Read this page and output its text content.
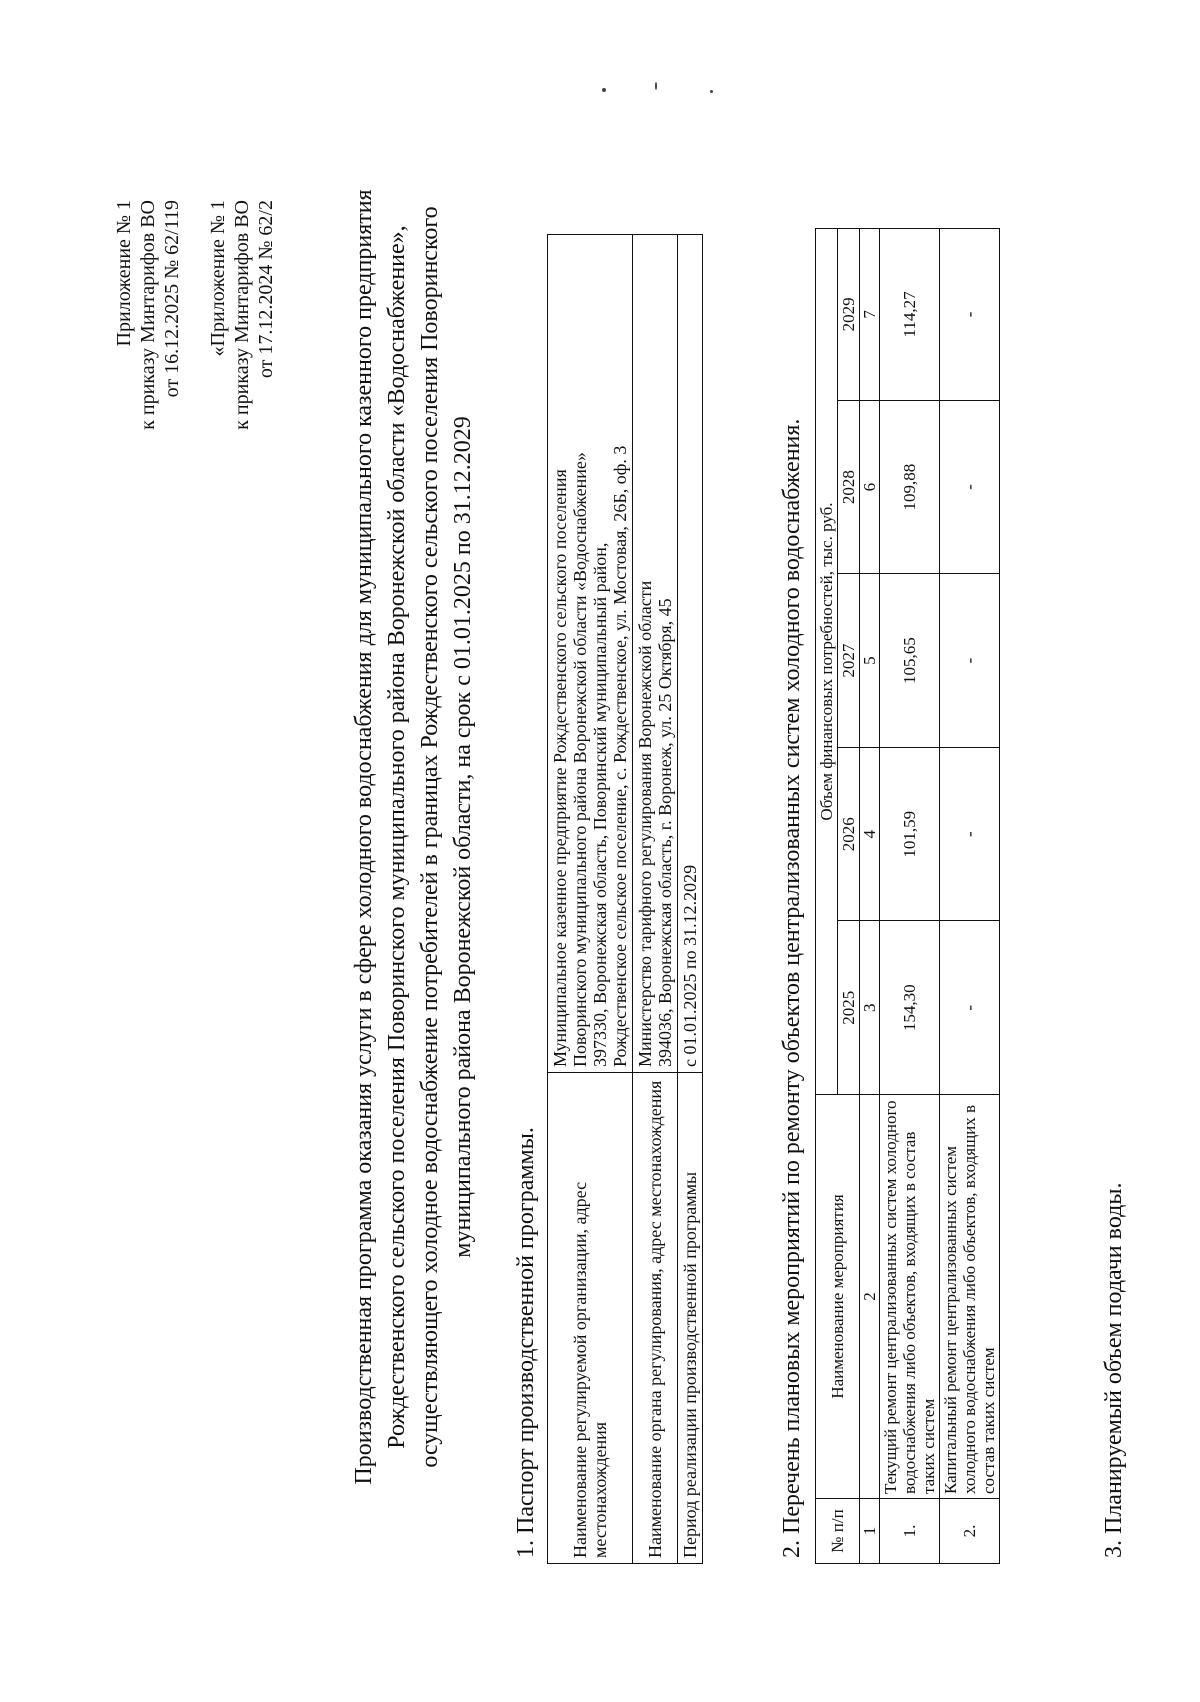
Приложение № 1 к приказу Минтарифов ВО от 16.12.2025 № 62/119 «Приложение № 1 к приказу Минтарифов ВО от 17.12.2024 № 62/2	Производственная программа оказания услуги в сфере холодного водоснабжения для муниципального казенного предприятия Рождественского сельского поселения Поворинского муниципального района Воронежской области «Водоснабжение», осуществляющего холодное водоснабжение потребителей в границах Рождественского сельского поселения Поворинского муниципального района Воронежской области, на срок с 01.01.2025 по 31.12.2029
1. Паспорт производственной программы. Наименование регулируемой организации, адрес местонахождения	Муниципальное казенное предприятие Рождественского сельского поселения Поворинского муниципального района Воронежской области «Водоснабжение» 397330, Воронежская область, Поворинский муниципальный район, Рождественское сельское поселение, с. Рождественское, ул. Мостовая, 26Б, оф. 3

Наименование органа регулирования, адрес местонахождения	Министерство тарифного регулирования Воронежской области 394036, Воронежская область, г. Воронеж, ул. 25 Октября, 45

Период реализации производственной программы	с 01.01.2025 по 31.12.2029	2. Перечень плановых мероприятий по ремонту объектов централизованных систем холодного водоснабжения. № п/п	Наименование мероприятия	Объем финансовых потребностей, тыс. руб.				
		2025	2026	2027	2028	2029
1	2	3	4	5	6	7
1.	Текущий ремонт централизованных систем холодного водоснабжения либо объектов, входящих в состав таких систем	154,30	101,59	105,65	109,88	114,27
2.	Капитальный ремонт централизованных систем холодного водоснабжения либо объектов, входящих в состав таких систем	-	-	-	-	-
3. Планируемый объем подачи воды.
